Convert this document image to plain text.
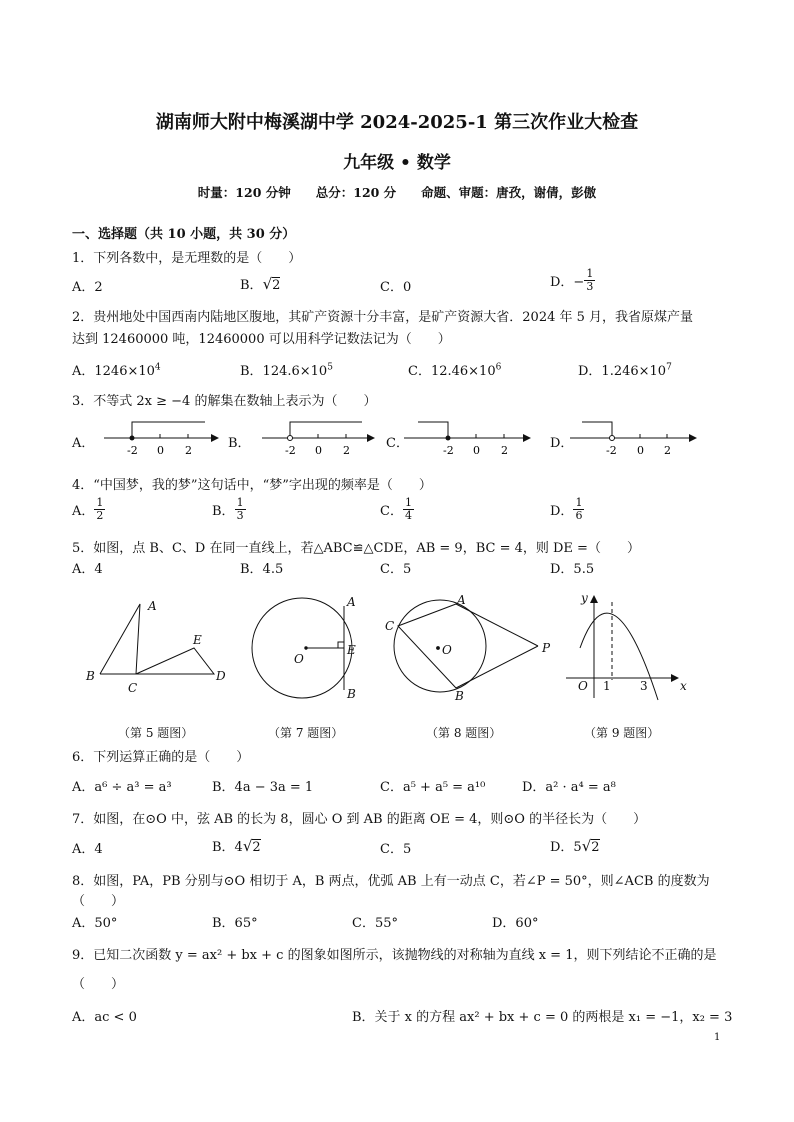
湖南师大附中梅溪湖中学 2024-2025-1 第三次作业大检查
九年级 • 数学
时量：120 分钟　　总分：120 分　　命题、审题：唐孜，谢倩，彭傲
一、选择题（共 10 小题，共 30 分）
1．下列各数中，是无理数的是（　　）
A．2	B．√2	C．0	D．− $\frac{1}{3}$
2．贵州地处中国西南内陆地区腹地，其矿产资源十分丰富，是矿产资源大省．2024 年 5 月，我省原煤产量
达到 12460000 吨，12460000 可以用科学记数法记为（　　）
A．$1246\times 10^4$	B．$124.6\times 10^5$	C．$12.46\times 10^6$	D．$1.246\times 10^7$
3．不等式 2x ≥ −4 的解集在数轴上表示为（　　）
A．	B．	C．	D．
-2 0 2	-2 0 2	-2 0 2	-2 0 2
4．“中国梦，我的梦”这句话中，“梦”字出现的频率是（　　）
A． $\frac{1}{2}$	B． $\frac{1}{3}$	C． $\frac{1}{4}$	D． $\frac{1}{6}$
5．如图，点 B、C、D 在同一直线上，若△ABC≌△CDE，AB = 9，BC = 4，则 DE =（　　）
A．4	B．4.5	C．5	D．5.5
A
E
B
C
D
A
O
E
B
A
C
O	P
B
y
O 1 3	x
（第 5 题图）	（第 7 题图）	（第 8 题图）	（第 9 题图）
6．下列运算正确的是（　　）
A．a⁶ ÷ a³ = a³	B．4a − 3a = 1	C．a⁵ + a⁵ = a¹⁰	D．a² · a⁴ = a⁸
7．如图，在⊙O 中，弦 AB 的长为 8，圆心 O 到 AB 的距离 OE = 4，则⊙O 的半径长为（　　）
A．4	B．4√2	C．5	D．5√2
8．如图，PA，PB 分别与⊙O 相切于 A，B 两点，优弧 AB 上有一动点 C，若∠P = 50°，则∠ACB 的度数为
（　　）
A．50°	B．65°	C．55°	D．60°
9．已知二次函数 y = ax² + bx + c 的图象如图所示，该抛物线的对称轴为直线 x = 1，则下列结论不正确的是
（　　）
A．ac < 0	B．关于 x 的方程 ax² + bx + c = 0 的两根是 x₁ = −1，x₂ = 3
1
